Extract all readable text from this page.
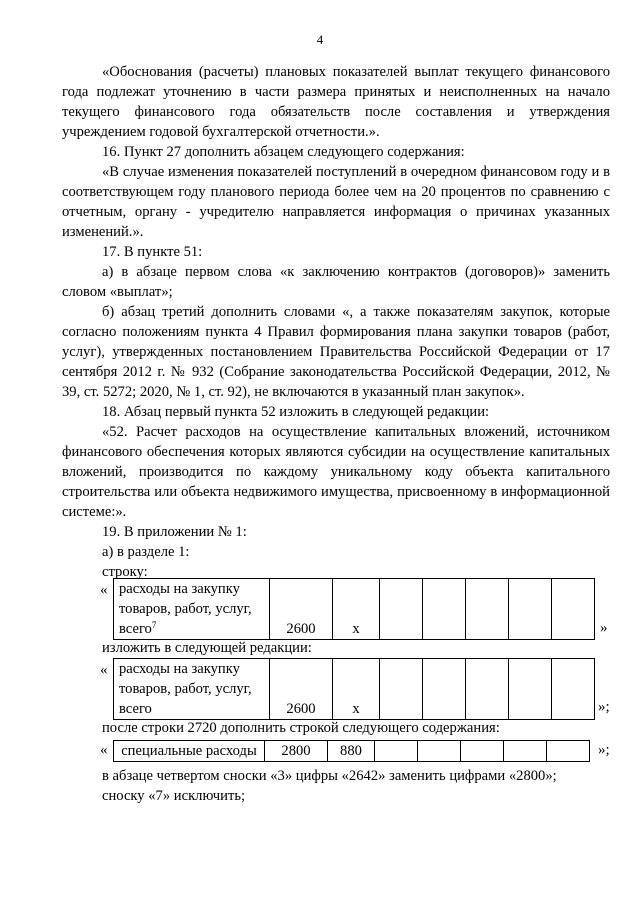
4

«Обоснования (расчеты) плановых показателей выплат текущего финансового года подлежат уточнению в части размера принятых и неисполненных на начало текущего финансового года обязательств после составления и утверждения учреждением годовой бухгалтерской отчетности.».

16. Пункт 27 дополнить абзацем следующего содержания:

«В случае изменения показателей поступлений в очередном финансовом году и в соответствующем году планового периода более чем на 20 процентов по сравнению с отчетным, органу - учредителю направляется информация о причинах указанных изменений.».

17. В пункте 51:

а) в абзаце первом слова «к заключению контрактов (договоров)» заменить словом «выплат»;

б) абзац третий дополнить словами «, а также показателям закупок, которые согласно положениям пункта 4 Правил формирования плана закупки товаров (работ, услуг), утвержденных постановлением Правительства Российской Федерации от 17 сентября 2012 г. № 932 (Собрание законодательства Российской Федерации, 2012, № 39, ст. 5272; 2020, № 1, ст. 92), не включаются в указанный план закупок».

18. Абзац первый пункта 52 изложить в следующей редакции:

«52. Расчет расходов на осуществление капитальных вложений, источником финансового обеспечения которых являются субсидии на осуществление капитальных вложений, производится по каждому уникальному коду объекта капитального строительства или объекта недвижимого имущества, присвоенному в информационной системе:».

19. В приложении № 1:

а) в разделе 1:

строку:

« расходы на закупку
товаров, работ, услуг,
всего$^7$	2600	х						»

изложить в следующей редакции:

« расходы на закупку
товаров, работ, услуг,
всего	2600	х						»;

после строки 2720 дополнить строкой следующего содержания:

« специальные расходы	2800	880						»;

в абзаце четвертом сноски «3» цифры «2642» заменить цифрами «2800»;

сноску «7» исключить;
